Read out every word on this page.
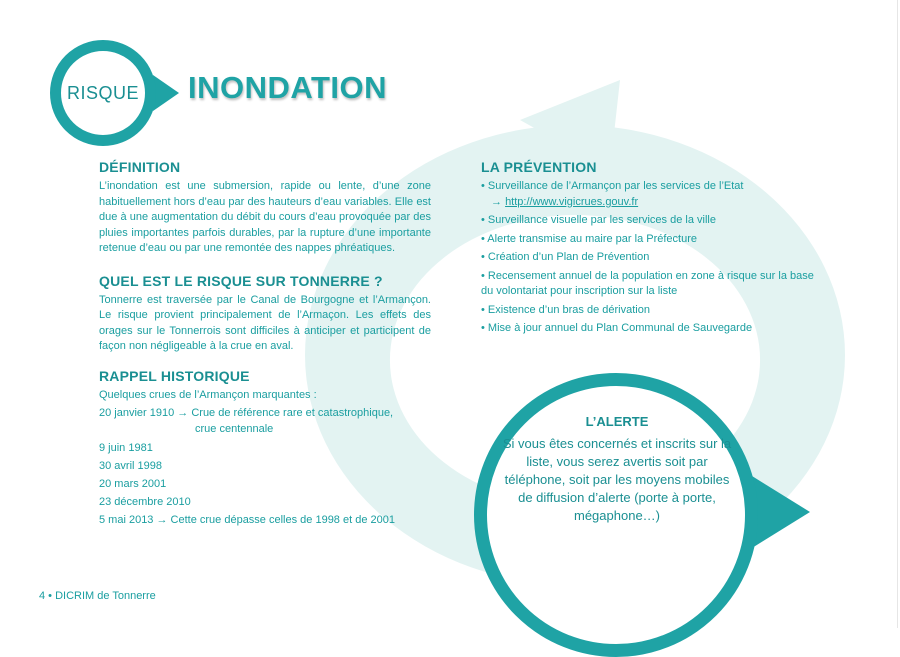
RISQUE INONDATION
DÉFINITION

L’inondation est une submersion, rapide ou lente, d’une zone habituellement hors d’eau par des hauteurs d’eau variables. Elle est due à une augmentation du débit du cours d’eau provoquée par des pluies importantes parfois durables, par la rupture d’une importante retenue d’eau ou par une remontée des nappes phréatiques.

QUEL EST LE RISQUE SUR TONNERRE ?

Tonnerre est traversée par le Canal de Bourgogne et l’Armançon. Le risque provient principalement de l’Armaçon. Les effets des orages sur le Tonnerrois sont difficiles à anticiper et participent de façon non négligeable à la crue en aval.

RAPPEL HISTORIQUE
Quelques crues de l’Armançon marquantes :
20 janvier 1910 → Crue de référence rare et catastrophique,
crue centennale
9 juin 1981
30 avril 1998
20 mars 2001
23 décembre 2010
5 mai 2013 → Cette crue dépasse celles de 1998 et de 2001
LA PRÉVENTION
• Surveillance de l’Armançon par les services de l’Etat
→ http://www.vigicrues.gouv.fr
• Surveillance visuelle par les services de la ville
• Alerte transmise au maire par la Préfecture
• Création d’un Plan de Prévention
• Recensement annuel de la population en zone à risque sur la base du volontariat pour inscription sur la liste
• Existence d’un bras de dérivation
• Mise à jour annuel du Plan Communal de Sauvegarde
L’ALERTE
Si vous êtes concernés et inscrits sur la liste, vous serez avertis soit par téléphone, soit par les moyens mobiles de diffusion d’alerte (porte à porte, mégaphone…)
4 • DICRIM de Tonnerre
